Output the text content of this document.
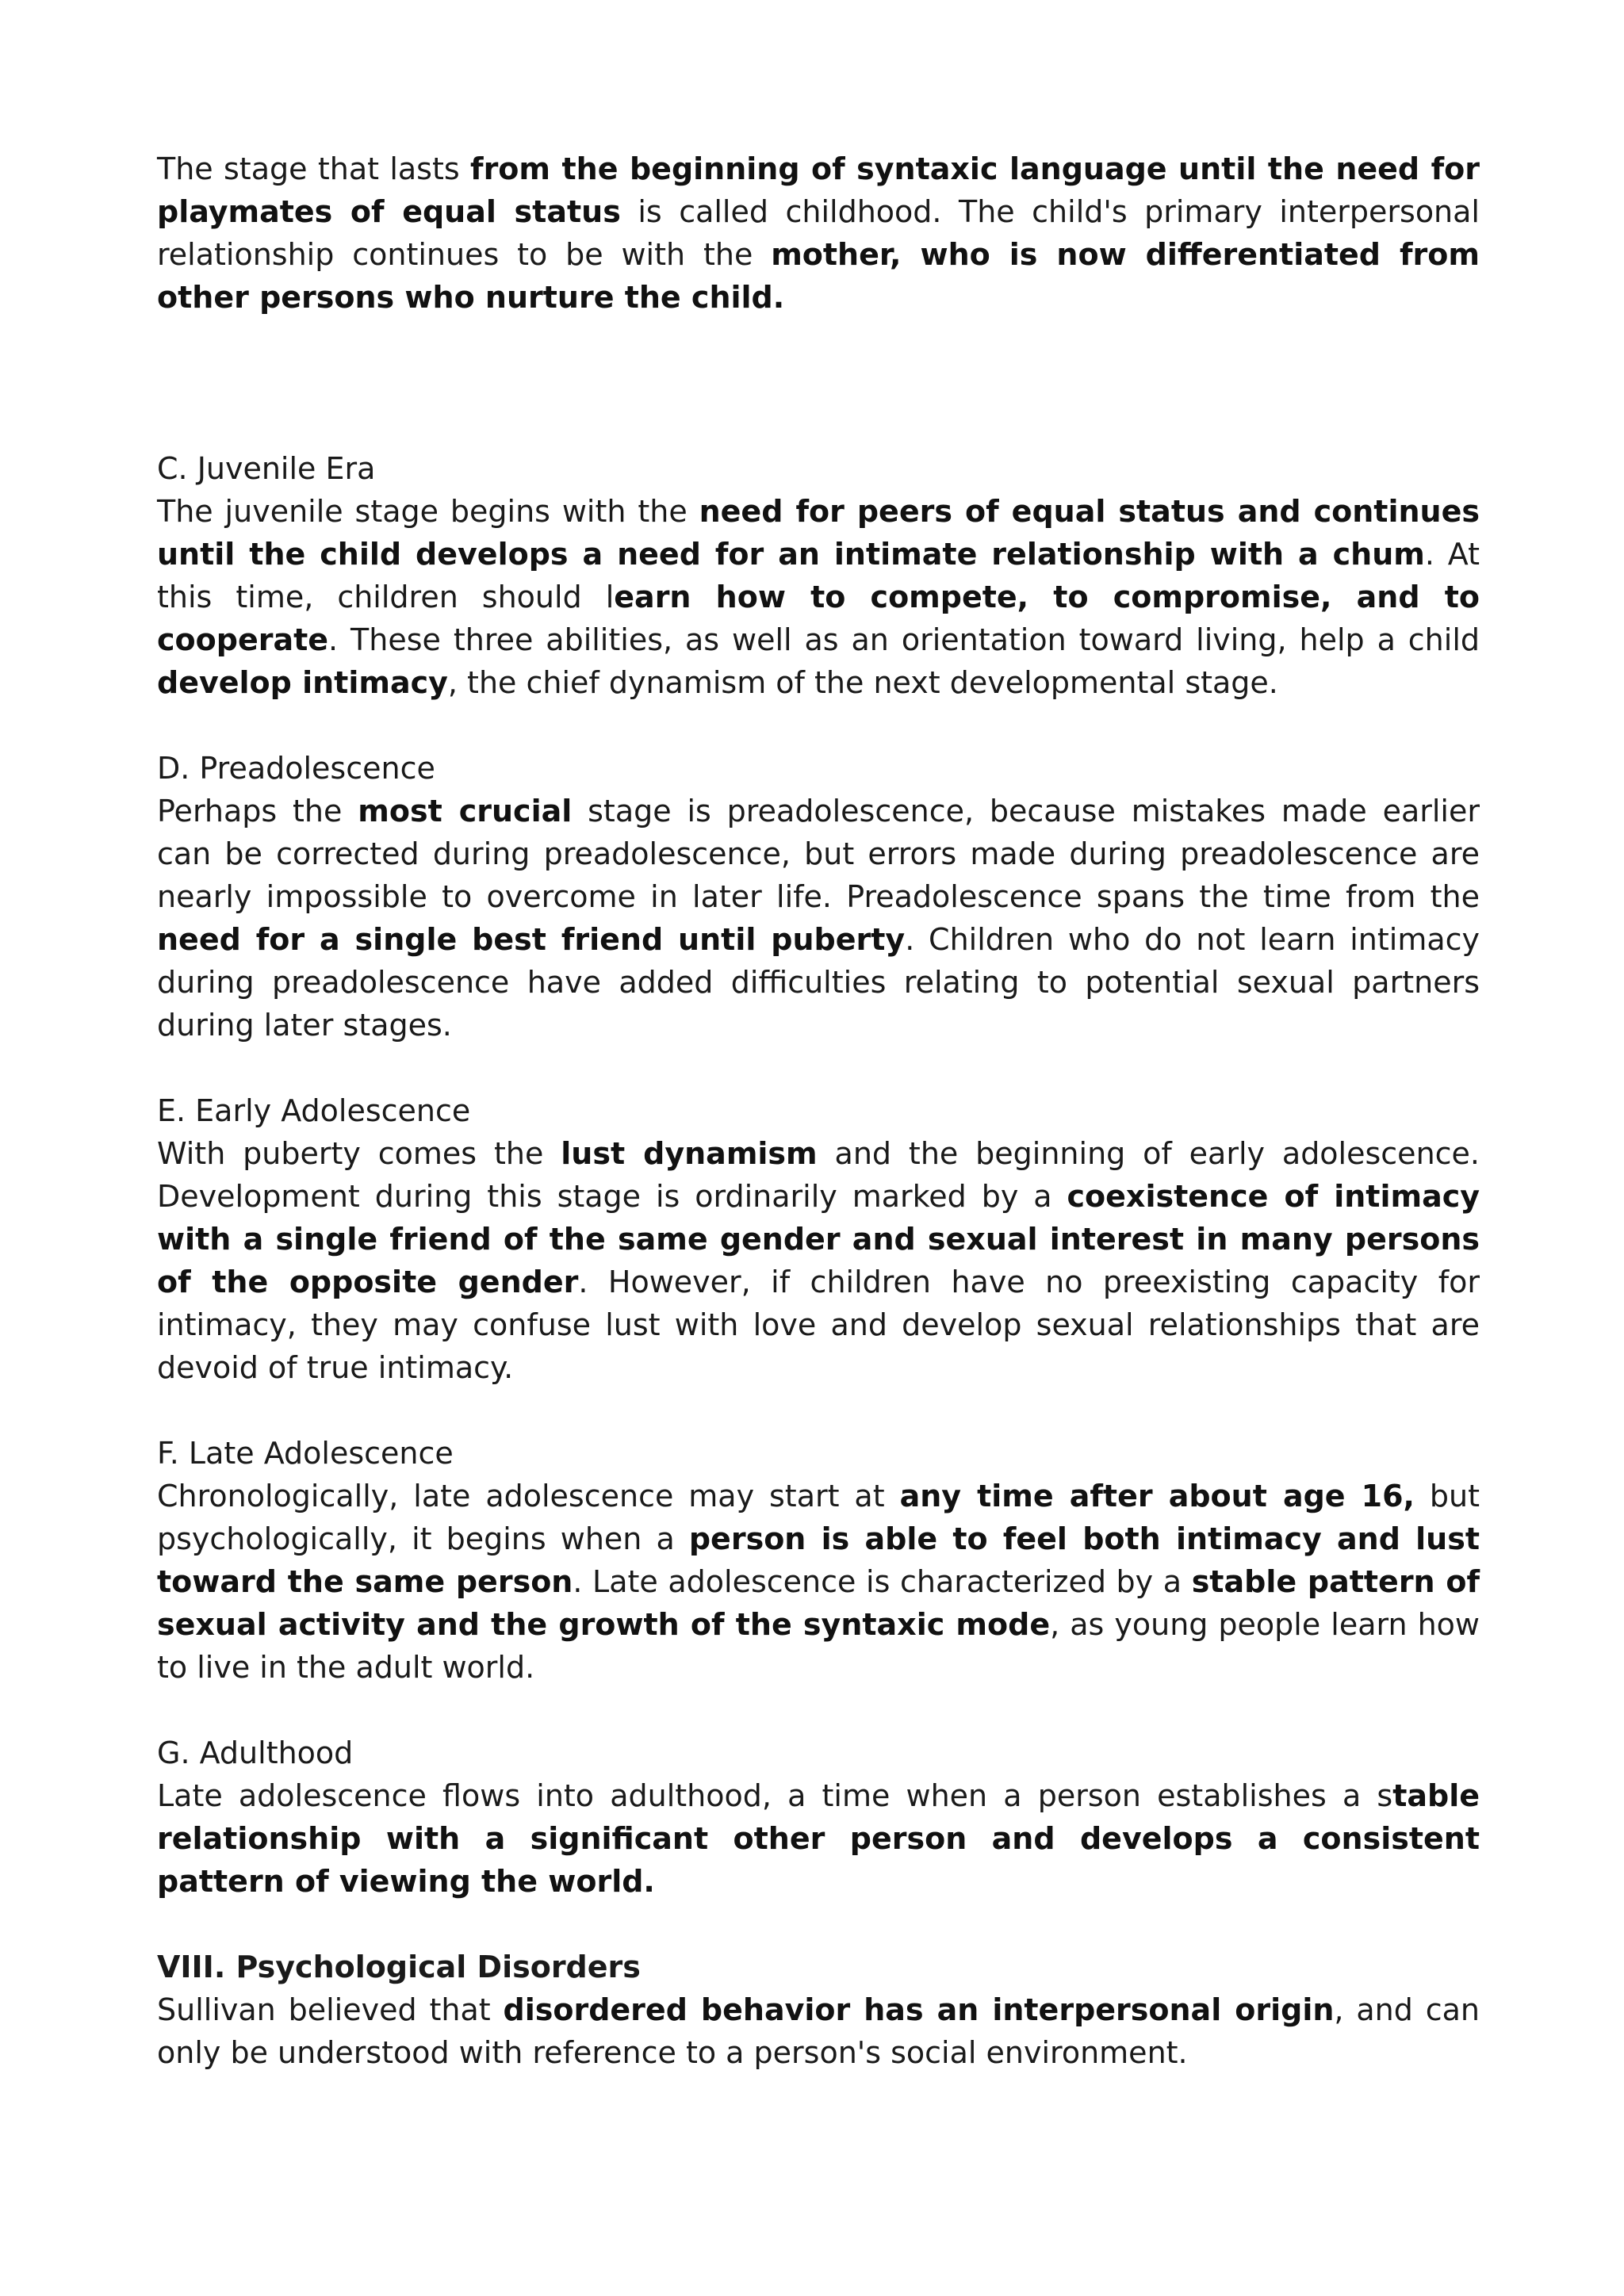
The stage that lasts from the beginning of syntaxic language until the need for playmates of equal status is called childhood. The child's primary interpersonal relationship continues to be with the mother, who is now differentiated from other persons who nurture the child.

C. Juvenile Era

The juvenile stage begins with the need for peers of equal status and continues until the child develops a need for an intimate relationship with a chum. At this time, children should learn how to compete, to compromise, and to cooperate. These three abilities, as well as an orientation toward living, help a child develop intimacy, the chief dynamism of the next developmental stage.

D. Preadolescence

Perhaps the most crucial stage is preadolescence, because mistakes made earlier can be corrected during preadolescence, but errors made during preadolescence are nearly impossible to overcome in later life. Preadolescence spans the time from the need for a single best friend until puberty. Children who do not learn intimacy during preadolescence have added difficulties relating to potential sexual partners during later stages.

E. Early Adolescence

With puberty comes the lust dynamism and the beginning of early adolescence. Development during this stage is ordinarily marked by a coexistence of intimacy with a single friend of the same gender and sexual interest in many persons of the opposite gender. However, if children have no preexisting capacity for intimacy, they may confuse lust with love and develop sexual relationships that are devoid of true intimacy.

F. Late Adolescence

Chronologically, late adolescence may start at any time after about age 16, but psychologically, it begins when a person is able to feel both intimacy and lust toward the same person. Late adolescence is characterized by a stable pattern of sexual activity and the growth of the syntaxic mode, as young people learn how to live in the adult world.

G. Adulthood

Late adolescence flows into adulthood, a time when a person establishes a stable relationship with a significant other person and develops a consistent pattern of viewing the world.

VIII. Psychological Disorders

Sullivan believed that disordered behavior has an interpersonal origin, and can only be understood with reference to a person's social environment.
